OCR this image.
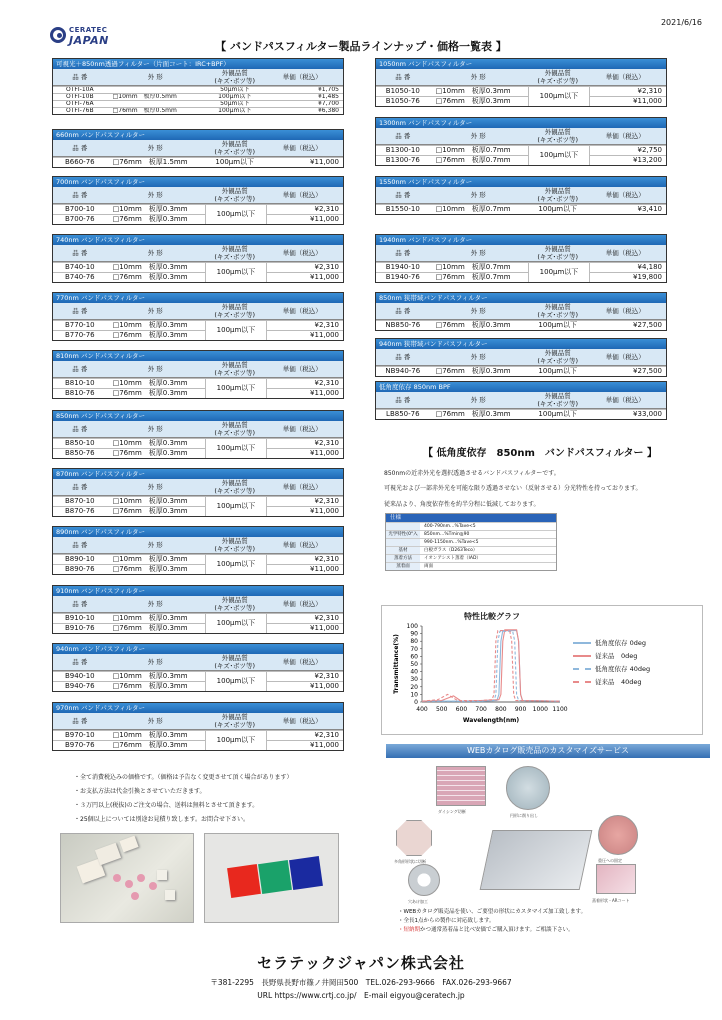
2021/6/16
CERATEC
JAPAN	【 バンドパスフィルター製品ラインナップ・価格一覧表 】
可視光＋850nm透過フィルター（片面コート：IRC+BPF）
品 番	外 形	外観品質
(キズ･ボツ等)	単価（税込）
OTFI-10A	50μm以下	¥1,705
OTFI-10B	□10mm　板厚0.5mm	100μm以下	¥1,485
OTFI-76A	50μm以下	¥7,700
OTFI-76B	□76mm　板厚0.5mm	100μm以下	¥6,380
660nm バンドパスフィルター
品 番	外 形	外観品質
(キズ･ボツ等)	単価（税込）
B660-76	□76mm　板厚1.5mm	100μm以下	¥11,000
700nm バンドパスフィルター
品 番	外 形	外観品質
(キズ･ボツ等)	単価（税込）
B700-10	□10mm　板厚0.3mm	¥2,310
B700-76	□76mm　板厚0.3mm	¥11,000
100μm以下
740nm バンドパスフィルター
品 番	外 形	外観品質
(キズ･ボツ等)	単価（税込）
B740-10	□10mm　板厚0.3mm	¥2,310
B740-76	□76mm　板厚0.3mm	¥11,000
100μm以下
770nm バンドパスフィルター
品 番	外 形	外観品質
(キズ･ボツ等)	単価（税込）
B770-10	□10mm　板厚0.3mm	¥2,310
B770-76	□76mm　板厚0.3mm	¥11,000
100μm以下
810nm バンドパスフィルター
品 番	外 形	外観品質
(キズ･ボツ等)	単価（税込）
B810-10	□10mm　板厚0.3mm	¥2,310
B810-76	□76mm　板厚0.3mm	¥11,000
100μm以下
850nm バンドパスフィルター
品 番	外 形	外観品質
(キズ･ボツ等)	単価（税込）
B850-10	□10mm　板厚0.3mm	¥2,310
B850-76	□76mm　板厚0.3mm	¥11,000
100μm以下
870nm バンドパスフィルター
品 番	外 形	外観品質
(キズ･ボツ等)	単価（税込）
B870-10	□10mm　板厚0.3mm	¥2,310
B870-76	□76mm　板厚0.3mm	¥11,000
100μm以下
890nm バンドパスフィルター
品 番	外 形	外観品質
(キズ･ボツ等)	単価（税込）
B890-10	□10mm　板厚0.3mm	¥2,310
B890-76	□76mm　板厚0.3mm	¥11,000
100μm以下
910nm バンドパスフィルター
品 番	外 形	外観品質
(キズ･ボツ等)	単価（税込）
B910-10	□10mm　板厚0.3mm	¥2,310
B910-76	□76mm　板厚0.3mm	¥11,000
100μm以下
940nm バンドパスフィルター
品 番	外 形	外観品質
(キズ･ボツ等)	単価（税込）
B940-10	□10mm　板厚0.3mm	¥2,310
B940-76	□76mm　板厚0.3mm	¥11,000
100μm以下
970nm バンドパスフィルター
品 番	外 形	外観品質
(キズ･ボツ等)	単価（税込）
B970-10	□10mm　板厚0.3mm	¥2,310
B970-76	□76mm　板厚0.3mm	¥11,000
100μm以下
1050nm バンドパスフィルター
品 番	外 形	外観品質
(キズ･ボツ等)	単価（税込）
B1050-10	□10mm　板厚0.3mm	¥2,310
B1050-76	□76mm　板厚0.3mm	¥11,000
100μm以下
1300nm バンドパスフィルター
品 番	外 形	外観品質
(キズ･ボツ等)	単価（税込）
B1300-10	□10mm　板厚0.7mm	¥2,750
B1300-76	□76mm　板厚0.7mm	¥13,200
100μm以下
1550nm バンドパスフィルター
品 番	外 形	外観品質
(キズ･ボツ等)	単価（税込）
B1550-10	□10mm　板厚0.7mm	100μm以下	¥3,410
1940nm バンドパスフィルター
品 番	外 形	外観品質
(キズ･ボツ等)	単価（税込）
B1940-10	□10mm　板厚0.7mm	¥4,180
B1940-76	□76mm　板厚0.7mm	¥19,800
100μm以下
850nm 狭帯域バンドパスフィルター
品 番	外 形	外観品質
(キズ･ボツ等)	単価（税込）
NB850-76	□76mm　板厚0.3mm	100μm以下	¥27,500
940nm 狭帯域バンドパスフィルター
品 番	外 形	外観品質
(キズ･ボツ等)	単価（税込）
NB940-76	□76mm　板厚0.3mm	100μm以下	¥27,500
低角度依存 850nm BPF
品 番	外 形	外観品質
(キズ･ボツ等)	単価（税込）
LB850-76	□76mm　板厚0.3mm	100μm以下	¥33,000
【 低角度依存　850nm　バンドパスフィルター 】
850nmの近赤外光を選択透過させるバンドパスフィルターです。
可視光および一部赤外光を可能な限り透過させない（反射させる）分光特性を持っております。
従来品より、角度依存性を約半分程に低減しております。
仕様
400-790nm…%Tave<5
光学特性(0°入	850nm…%Tmin≧90
990-1150nm…%Tave<5
基材	白板ガラス（D263Teco）
蒸着方法	イオンアシスト蒸着（IAD）
蒸着面	両面
特性比較グラフ
0
10
20
30
40
50
60
70
80
90
100
400 500 600 700 800 900 1000 1100
Wavelength(nm)
Transmittance(%)	低角度依存 0deg
従来品　0deg
低角度依存 40deg
従来品　40deg
WEBカタログ販売品のカスタマイズサービス
ダイシング切断
円形に削り出し
多角形形状に切断	重圧への固定
穴あけ加工	蒸着形状・ARコート
・WEBカタログ販売品を使い、ご要望の形状にカスタマイズ加工致します。
・全長1点からの製作に対応致します。
・短納期かつ通常蒸着品と比べ安価でご購入頂けます。ご相談下さい。
・全て消費税込みの価格です。（価格は予告なく変更させて頂く場合があります）
・お支払方法は代金引換とさせていただきます。
・３万円以上(税抜)のご注文の場合、送料は無料とさせて頂きます。
・25個以上については別途お見積り致します。お問合せ下さい。
セラテックジャパン株式会社
〒381-2295　長野県長野市篠ノ井岡田500　TEL.026-293-9666　FAX.026-293-9667
URL https://www.crtj.co.jp/　E-mail eigyou@ceratech.jp
